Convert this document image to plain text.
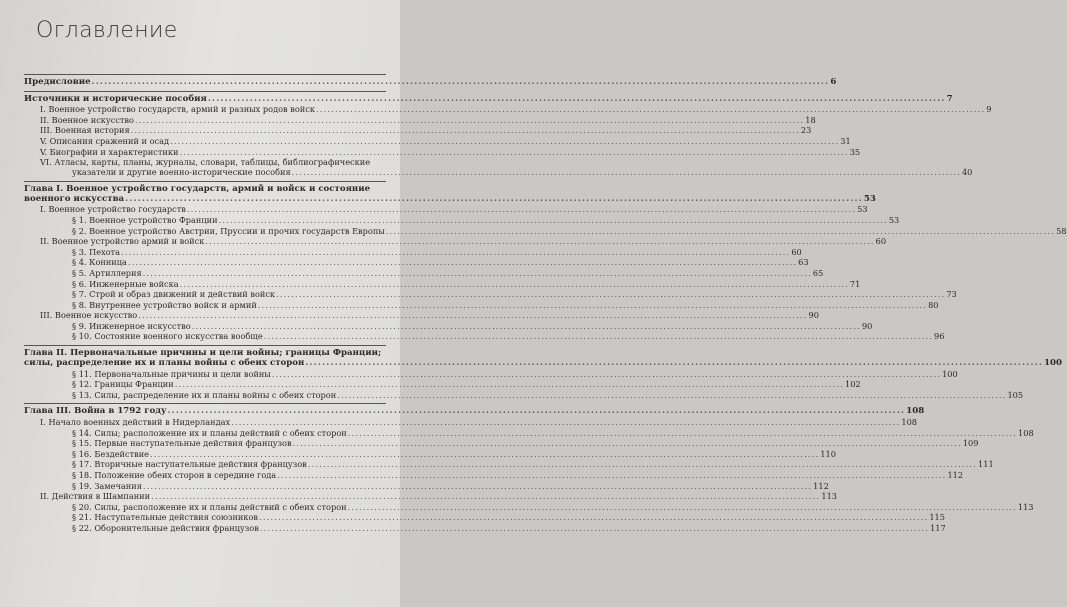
Оглавление
Предисловие .....	6
Источники и исторические пособия .....	7
I. Военное устройство государств, армий и разных родов войск .....	9
II. Военное искусство .....	18
III. Военная история .....	23
V. Описания сражений и осад .....	31
V. Биографии и характеристики .....	35
VI. Атласы, карты, планы, журналы, словари, таблицы, библиографические
указатели и другие военно-исторические пособия .....	40
Глава I. Военное устройство государств, армий и войск и состояние
военного искусства .....	53
I. Военное устройство государств .....	53
§ 1. Военное устройство Франции .....	53
§ 2. Военное устройство Австрии, Пруссии и прочих государств Европы .....	58
II. Военное устройство армий и войск .....	60
§ 3. Пехота .....	60
§ 4. Конница .....	63
§ 5. Артиллерия .....	65
§ 6. Инженерные войска .....	71
§ 7. Строй и образ движений и действий войск .....	73
§ 8. Внутреннее устройство войск и армий .....	80
III. Военное искусство .....	90
§ 9. Инженерное искусство .....	90
§ 10. Состояние военного искусства вообще .....	96
Глава II. Первоначальные причины и цели войны; границы Франции;
силы, распределение их и планы войны с обеих сторон .....	100
§ 11. Первоначальные причины и цели войны .....	100
§ 12. Границы Франции .....	102
§ 13. Силы, распределение их и планы войны с обеих сторон .....	105
Глава III. Война в 1792 году .....	108
I. Начало военных действий в Нидерландах .....	108
§ 14. Силы; расположение их и планы действий с обеих сторон .....	108
§ 15. Первые наступательные действия французов .....	109
§ 16. Бездействие .....	110
§ 17. Вторичные наступательные действия французов .....	111
§ 18. Положение обеих сторон в середине года .....	112
§ 19. Замечания .....	112
II. Действия в Шампании .....	113
§ 20. Силы, расположение их и планы действий с обеих сторон .....	113
§ 21. Наступательные действия союзников .....	115
§ 22. Оборонительные действия французов .....	117
